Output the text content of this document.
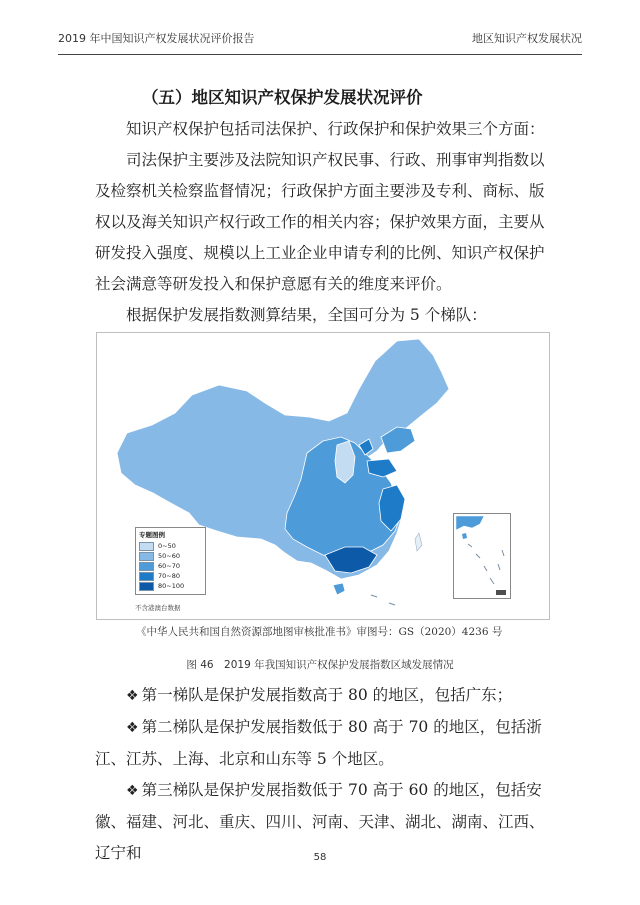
2019 年中国知识产权发展状况评价报告	地区知识产权发展状况
（五）地区知识产权保护发展状况评价

知识产权保护包括司法保护、行政保护和保护效果三个方面：

司法保护主要涉及法院知识产权民事、行政、刑事审判指数以及检察机关检察监督情况；行政保护方面主要涉及专利、商标、版权以及海关知识产权行政工作的相关内容；保护效果方面，主要从研发投入强度、规模以上工业企业申请专利的比例、知识产权保护社会满意等研发投入和保护意愿有关的维度来评价。

根据保护发展指数测算结果，全国可分为 5 个梯队：

专题图例
0~50
50~60
60~70
70~80
80~100
不含港澳台数据
《中华人民共和国自然资源部地图审核批准书》审图号：GS（2020）4236 号
图 46　2019 年我国知识产权保护发展指数区域发展情况

❖ 第一梯队是保护发展指数高于 80 的地区，包括广东；

❖ 第二梯队是保护发展指数低于 80 高于 70 的地区，包括浙江、江苏、上海、北京和山东等 5 个地区。

❖ 第三梯队是保护发展指数低于 70 高于 60 的地区，包括安徽、福建、河北、重庆、四川、河南、天津、湖北、湖南、江西、辽宁和	58
